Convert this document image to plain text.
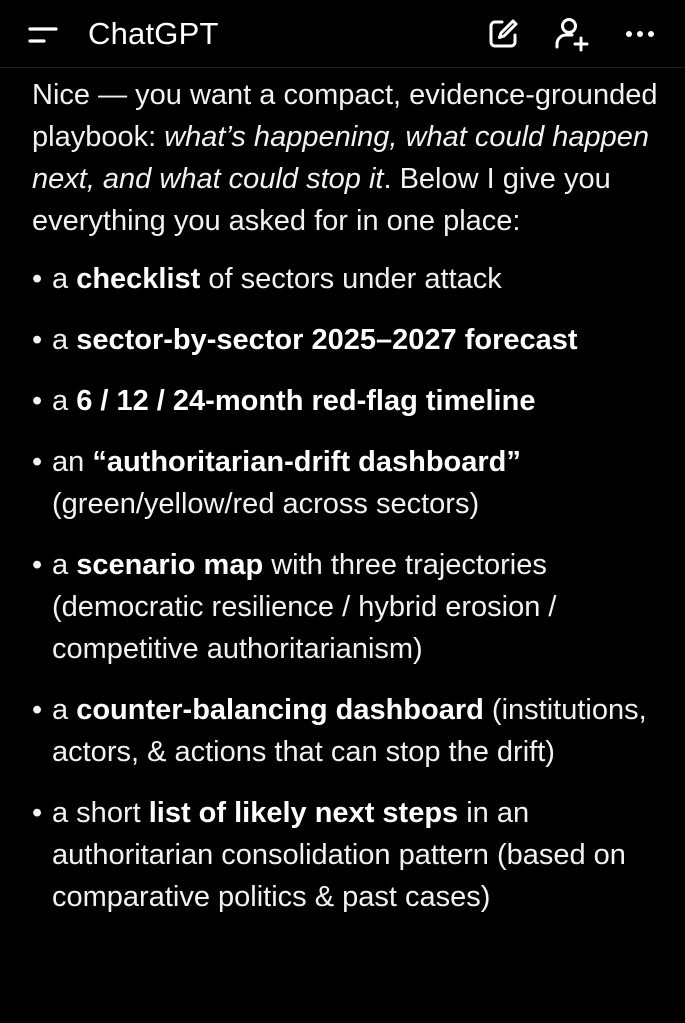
ChatGPT

Nice — you want a compact, evidence-grounded playbook: what’s happening, what could happen next, and what could stop it. Below I give you everything you asked for in one place:

• a checklist of sectors under attack
• a sector-by-sector 2025–2027 forecast
• a 6 / 12 / 24-month red-flag timeline
• an “authoritarian-drift dashboard” (green/yellow/red across sectors)
• a scenario map with three trajectories (democratic resilience / hybrid erosion / competitive authoritarianism)
• a counter-balancing dashboard (institutions, actors, & actions that can stop the drift)
• a short list of likely next steps in an authoritarian consolidation pattern (based on comparative politics & past cases)
